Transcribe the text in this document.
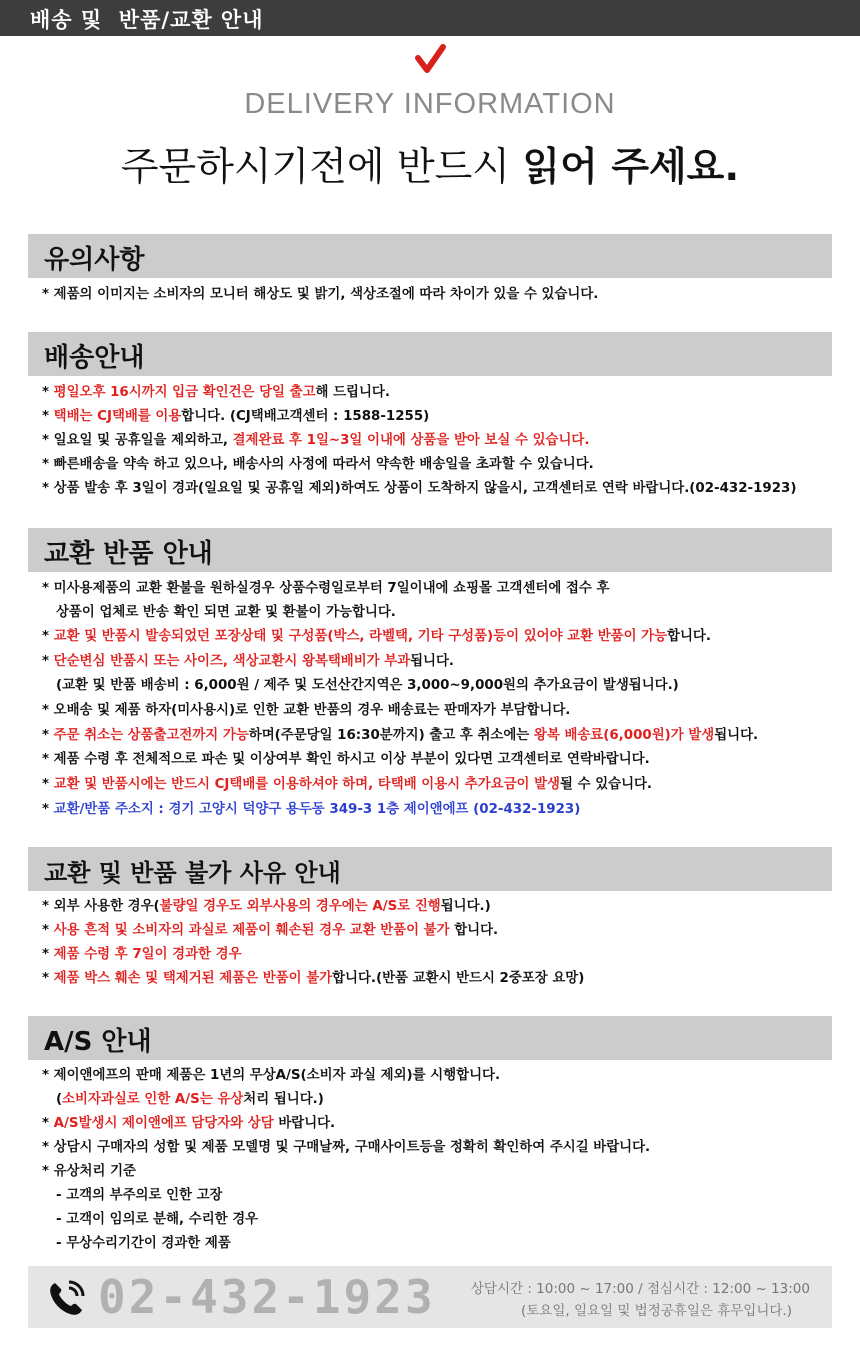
배송 및  반품/교환 안내
DELIVERY INFORMATION
주문하시기전에 반드시 읽어 주세요.
유의사항
* 제품의 이미지는 소비자의 모니터 해상도 및 밝기, 색상조절에 따라 차이가 있을 수 있습니다.
배송안내
* 평일오후 16시까지 입금 확인건은 당일 출고해 드립니다.
* 택배는 CJ택배를 이용합니다. (CJ택배고객센터 : 1588-1255)
* 일요일 및 공휴일을 제외하고, 결제완료 후 1일~3일 이내에 상품을 받아 보실 수 있습니다.
* 빠른배송을 약속 하고 있으나, 배송사의 사정에 따라서 약속한 배송일을 초과할 수 있습니다.
* 상품 발송 후 3일이 경과(일요일 및 공휴일 제외)하여도 상품이 도착하지 않을시, 고객센터로 연락 바랍니다.(02-432-1923)
교환 반품 안내
* 미사용제품의 교환 환불을 원하실경우 상품수령일로부터 7일이내에 쇼핑몰 고객센터에 접수 후
상품이 업체로 반송 확인 되면 교환 및 환불이 가능합니다.
* 교환 및 반품시 발송되었던 포장상태 및 구성품(박스, 라벨택, 기타 구성품)등이 있어야 교환 반품이 가능합니다.
* 단순변심 반품시 또는 사이즈, 색상교환시 왕복택배비가 부과됩니다.
(교환 및 반품 배송비 : 6,000원 / 제주 및 도선산간지역은 3,000~9,000원의 추가요금이 발생됩니다.)
* 오배송 및 제품 하자(미사용시)로 인한 교환 반품의 경우 배송료는 판매자가 부담합니다.
* 주문 취소는 상품출고전까지 가능하며(주문당일 16:30분까지) 출고 후 취소에는 왕복 배송료(6,000원)가 발생됩니다.
* 제품 수령 후 전체적으로 파손 및 이상여부 확인 하시고 이상 부분이 있다면 고객센터로 연락바랍니다.
* 교환 및 반품시에는 반드시 CJ택배를 이용하셔야 하며, 타택배 이용시 추가요금이 발생될 수 있습니다.
* 교환/반품 주소지 : 경기 고양시 덕양구 용두동 349-3 1층 제이앤에프 (02-432-1923)
교환 및 반품 불가 사유 안내
* 외부 사용한 경우(불량일 경우도 외부사용의 경우에는 A/S로 진행됩니다.)
* 사용 흔적 및 소비자의 과실로 제품이 훼손된 경우 교환 반품이 불가 합니다.
* 제품 수령 후 7일이 경과한 경우
* 제품 박스 훼손 및 택제거된 제품은 반품이 불가합니다.(반품 교환시 반드시 2중포장 요망)
A/S 안내
* 제이앤에프의 판매 제품은 1년의 무상A/S(소비자 과실 제외)를 시행합니다.
(소비자과실로 인한 A/S는 유상처리 됩니다.)
* A/S발생시 제이앤에프 담당자와 상담 바랍니다.
* 상담시 구매자의 성함 및 제품 모델명 및 구매날짜, 구매사이트등을 정확히 확인하여 주시길 바랍니다.
* 유상처리 기준
- 고객의 부주의로 인한 고장
- 고객이 임의로 분해, 수리한 경우
- 무상수리기간이 경과한 제품
02-432-1923	상담시간 : 10:00 ~ 17:00 / 점심시간 : 12:00 ~ 13:00
(토요일, 일요일 및 법정공휴일은 휴무입니다.)
